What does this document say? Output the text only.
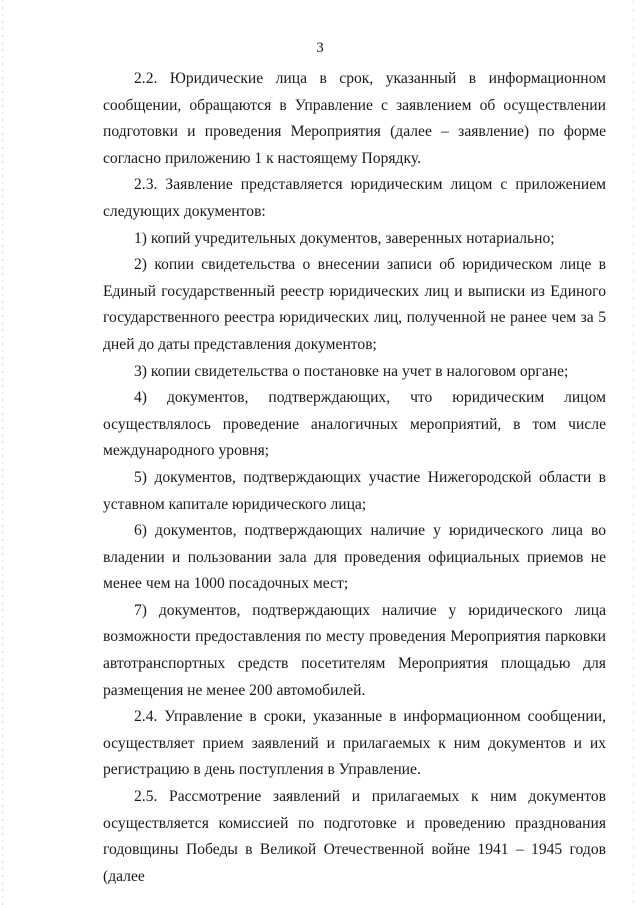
3

2.2. Юридические лица в срок, указанный в информационном сообщении, обращаются в Управление с заявлением об осуществлении подготовки и проведения Мероприятия (далее – заявление) по форме согласно приложению 1 к настоящему Порядку.

2.3. Заявление представляется юридическим лицом с приложением следующих документов:

1) копий учредительных документов, заверенных нотариально;

2) копии свидетельства о внесении записи об юридическом лице в Единый государственный реестр юридических лиц и выписки из Единого государственного реестра юридических лиц, полученной не ранее чем за 5 дней до даты представления документов;

3) копии свидетельства о постановке на учет в налоговом органе;

4) документов, подтверждающих, что юридическим лицом осуществлялось проведение аналогичных мероприятий, в том числе международного уровня;

5) документов, подтверждающих участие Нижегородской области в уставном капитале юридического лица;

6) документов, подтверждающих наличие у юридического лица во владении и пользовании зала для проведения официальных приемов не менее чем на 1000 посадочных мест;

7) документов, подтверждающих наличие у юридического лица возможности предоставления по месту проведения Мероприятия парковки автотранспортных средств посетителям Мероприятия площадью для размещения не менее 200 автомобилей.

2.4. Управление в сроки, указанные в информационном сообщении, осуществляет прием заявлений и прилагаемых к ним документов и их регистрацию в день поступления в Управление.

2.5. Рассмотрение заявлений и прилагаемых к ним документов осуществляется комиссией по подготовке и проведению празднования годовщины Победы в Великой Отечественной войне 1941 – 1945 годов (далее
